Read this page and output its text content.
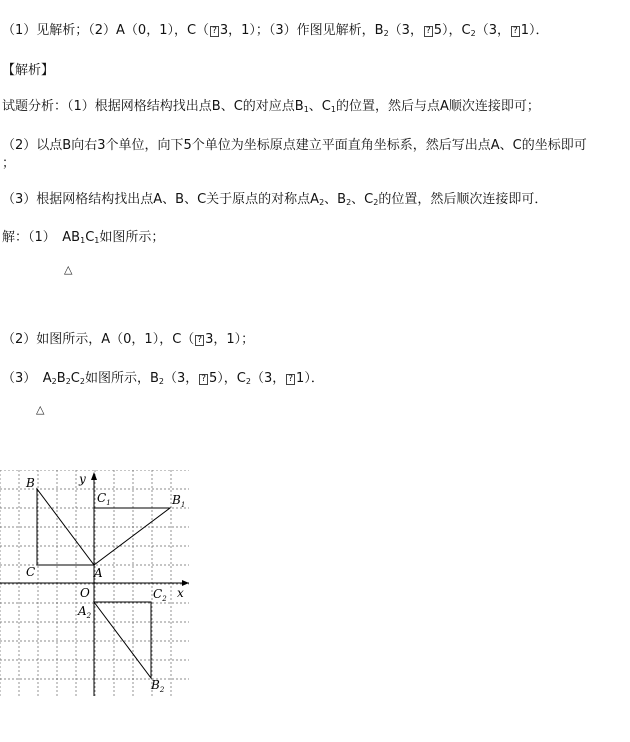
（1）见解析；（2）A（0，1），C（ ? 3，1）；（3）作图见解析，$B_2(3$， ? 5），$C_2(3$， ? 1）．
【解析】
试题分析：（1）根据网格结构找出点B、C的对应点$B_1$、$C_1$的位置，然后与点A顺次连接即可；
（2）以点B向右3个单位，向下5个单位为坐标原点建立平面直角坐标系，然后写出点A、C的坐标即可
；
（3）根据网格结构找出点A、B、C关于原点的对称点$A_2$、$B_2$、$C_2$的位置，然后顺次连接即可．
解：（1）　$AB_1C_1$如图所示；
△
（2）如图所示，A（0，1），C（ ? 3，1）；
（3）　$A_2B_2C_2$如图所示，$B_2(3$， ? 5），$C_2(3$， ? 1）．
△
B
C	A
O
y
x
$C_1$	$B_1$
$C_2$
$A_2$
$B_2$
